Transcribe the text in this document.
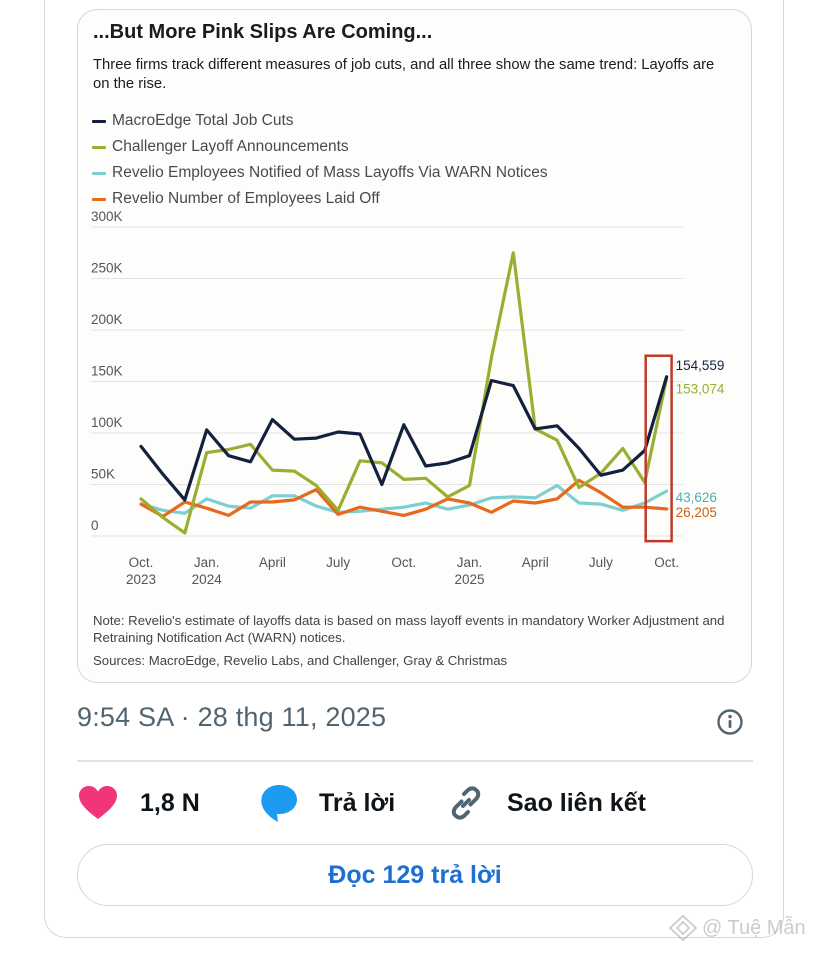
...But More Pink Slips Are Coming...
Three firms track different measures of job cuts, and all three show the same trend: Layoffs are on the rise.
MacroEdge Total Job Cuts
Challenger Layoff Announcements
Revelio Employees Notified of Mass Layoffs Via WARN Notices
Revelio Number of Employees Laid Off
0
50K
100K
150K
200K
250K
300K
Oct.
2023
Jan.
2024
April	July	Oct.	Jan.
2025
April	July	Oct.
154,559
153,074
43,626
26,205
Note: Revelio's estimate of layoffs data is based on mass layoff events in mandatory Worker Adjustment and Retraining Notification Act (WARN) notices.
Sources: MacroEdge, Revelio Labs, and Challenger, Gray & Christmas
9:54 SA · 28 thg 11, 2025
1,8 N	Trả lời	Sao liên kết
Đọc 129 trả lời
@ Tuệ Mẫn
